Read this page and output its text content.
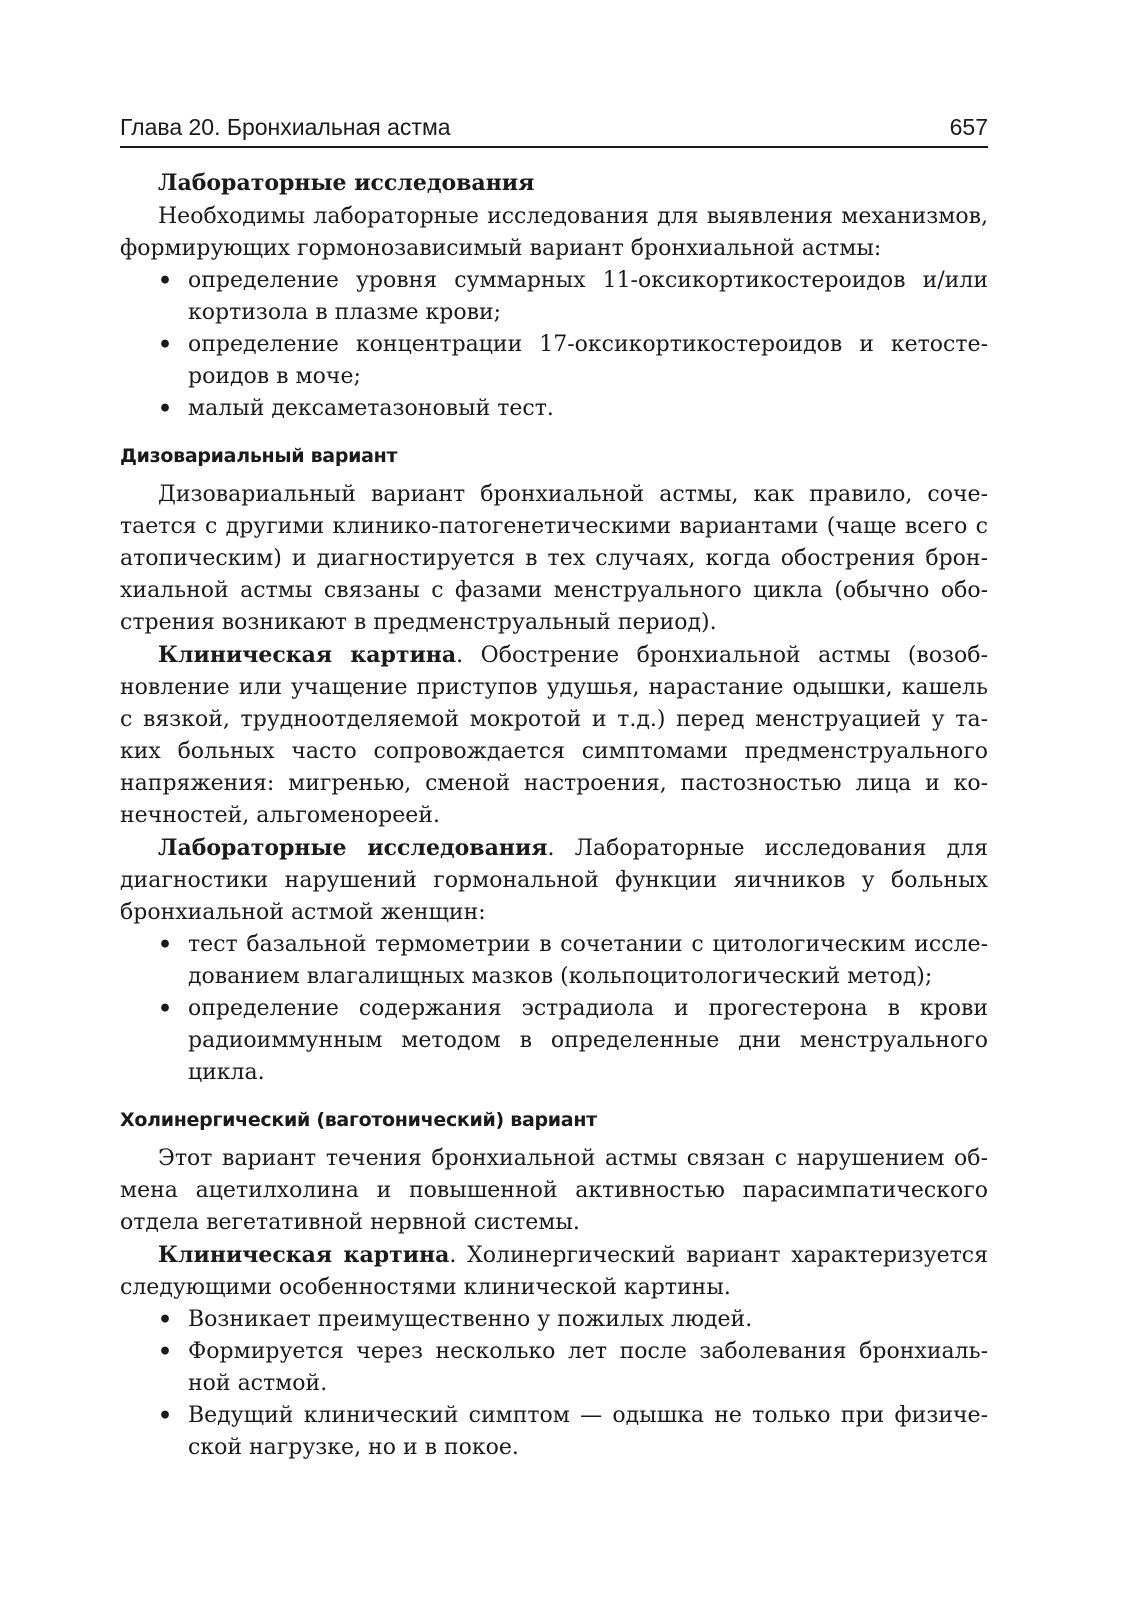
Глава 20. Бронхиальная астма	657
Лабораторные исследования

Необходимы лабораторные исследования для выявления механизмов, формирующих гормонозависимый вариант бронхиальной астмы:

• определение уровня суммарных 11-оксикортикостероидов и/или кортизола в плазме крови;
• определение концентрации 17-оксикортикостероидов и кетостероидов в моче;
• малый дексаметазоновый тест.
Дизовариальный вариант

Дизовариальный вариант бронхиальной астмы, как правило, сочетается с другими клинико-патогенетическими вариантами (чаще всего с атопическим) и диагностируется в тех случаях, когда обострения бронхиальной астмы связаны с фазами менструального цикла (обычно обострения возникают в предменструальный период).

Клиническая картина. Обострение бронхиальной астмы (возобновление или учащение приступов удушья, нарастание одышки, кашель с вязкой, трудноотделяемой мокротой и т.д.) перед менструацией у таких больных часто сопровождается симптомами предменструального напряжения: мигренью, сменой настроения, пастозностью лица и конечностей, альгоменореей.

Лабораторные исследования. Лабораторные исследования для диагностики нарушений гормональной функции яичников у больных бронхиальной астмой женщин:

• тест базальной термометрии в сочетании с цитологическим исследованием влагалищных мазков (кольпоцитологический метод);
• определение содержания эстрадиола и прогестерона в крови радиоиммунным методом в определенные дни менструального цикла.
Холинергический (ваготонический) вариант

Этот вариант течения бронхиальной астмы связан с нарушением обмена ацетилхолина и повышенной активностью парасимпатического отдела вегетативной нервной системы.

Клиническая картина. Холинергический вариант характеризуется следующими особенностями клинической картины.

• Возникает преимущественно у пожилых людей.
• Формируется через несколько лет после заболевания бронхиальной астмой.
• Ведущий клинический симптом — одышка не только при физической нагрузке, но и в покое.
